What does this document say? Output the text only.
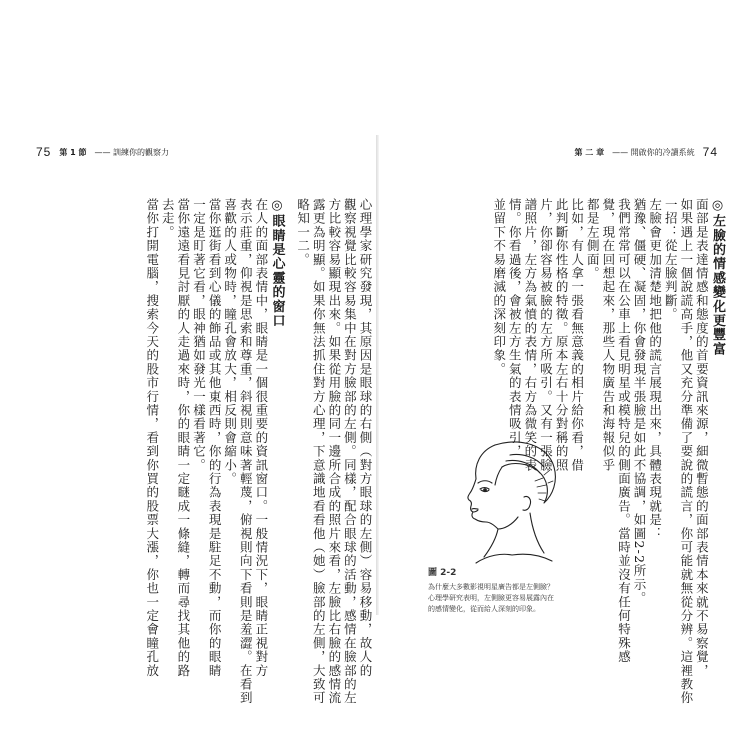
75 第 1 節 —— 訓練你的觀察力

心理學家研究發現，其原因是眼球的右側（對方眼球的左側）容易移動，故人的

觀察視覺比較容易集中在對方臉部的左側。同樣，配合眼球的活動，感情在臉部的左

方比較容易顯現出來。如果從用臉的同一邊所合成的照片來看，左臉比右臉的感情流

露更為明顯。如果你無法抓住對方心理，下意識地看看他（她）臉部的左側，大致可

略知一二。

◎眼睛是心靈的窗口

在人的面部表情中，眼睛是一個很重要的資訊窗口。一般情況下，眼睛正視對方

表示莊重，仰視是思索和尊重，斜視則意味著輕蔑，俯視則向下看則是羞澀。在看到

喜歡的人或物時，瞳孔會放大，相反則會縮小。

當你逛街看到心儀的飾品或其他東西時，你的行為表現是駐足不動，而你的眼睛

一定是盯著它看，眼神猶如發光一樣看著它。

當你遠遠看見討厭的人走過來時，你的眼睛一定瞇成一條縫，轉而尋找其他的路

去走。

當你打開電腦，搜索今天的股市行情，看到你買的股票大漲，你也一定會瞳孔放

第 二 章 —— 開啟你的冷讀系統 74

◎左臉的情感變化更豐富

面部是表達情感和態度的首要資訊來源，細微暫態的面部表情本來就不易察覺，

如果遇上一個說謊高手，他又充分準備了要說的謊言，你可能就無從分辨。這裡教你

一招：從左臉判斷。

左臉會更加清楚地把他的謊言展現出來，具體表現就是：

猶豫、僵硬、凝固，你會發現半張臉是如此不協調，如圖2-2所示。

我們常常可以在公車上看見明星或模特兒的側面廣告。當時並沒有任何特殊感

覺，現在回想起來，那些人物廣告和海報似乎

都是左側面。

比如，有人拿一張看無意義的相片給你看，借

此判斷你性格的特徵。原本左右十分對稱的照

片，你卻容易被臉的左方所吸引。又有一張臉

譜照片，左方為氣憤的表情，右方為微笑的表

情。你看過後，會被左方生氣的表情吸引，

並留下不易磨滅的深刻印象。

圖 2-2
為什麼大多數影視明星廣告都是左側臉？
心理學研究表明，左側臉更容易展露內在
的感情變化，從而給人深刻的印象。
